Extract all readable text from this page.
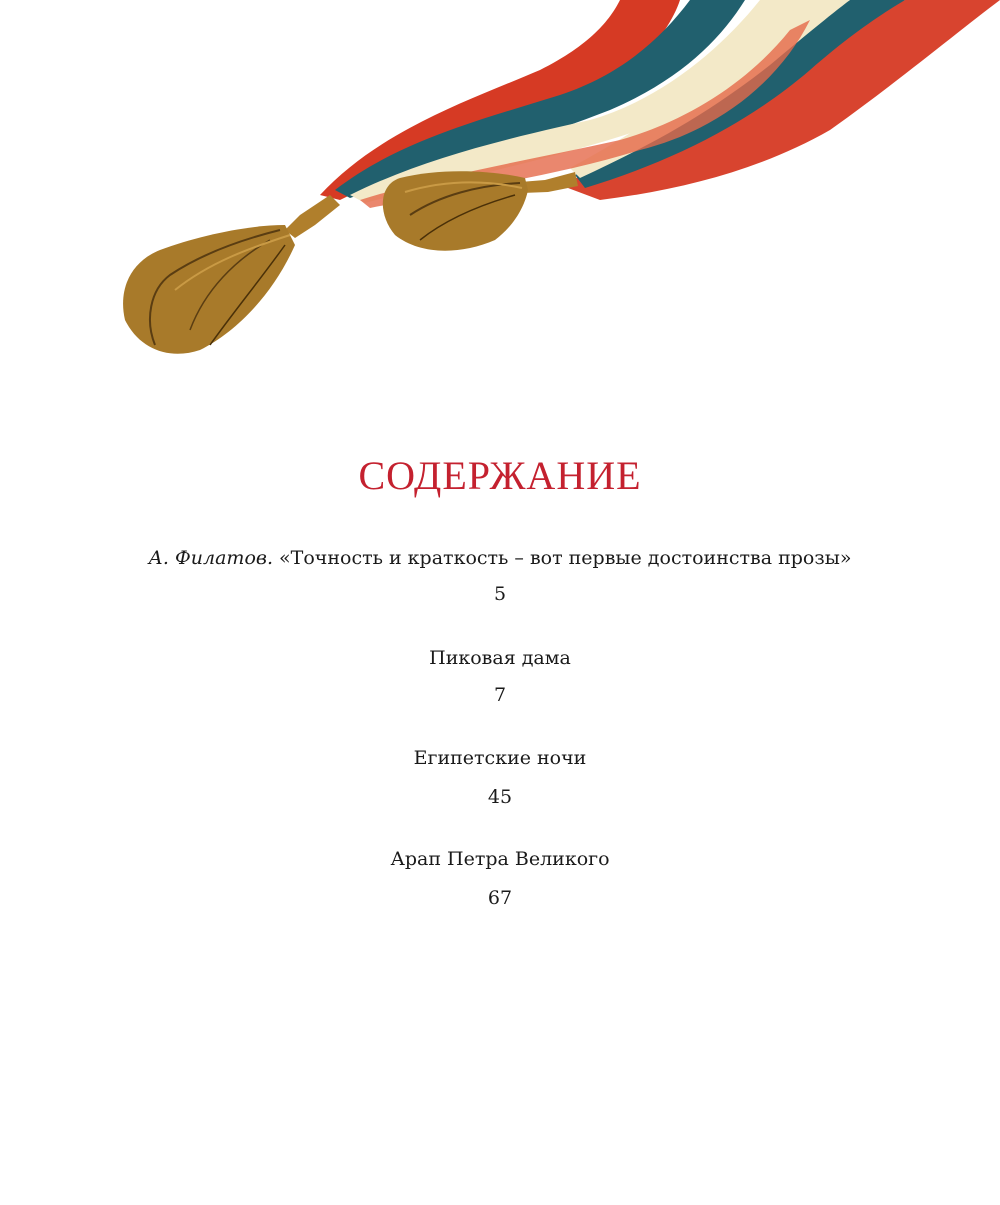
СОДЕРЖАНИЕ
А. Филатов. «Точность и краткость – вот первые достоинства прозы»
5
Пиковая дама
7
Египетские ночи
45
Арап Петра Великого
67
